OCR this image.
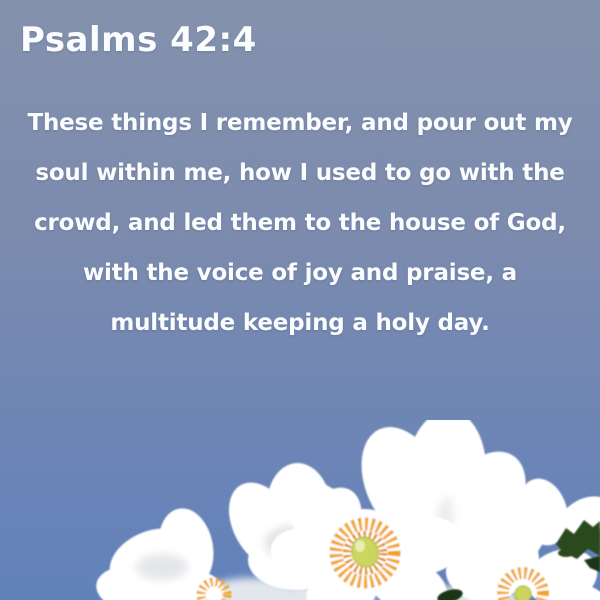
Psalms 42:4
These things I remember, and pour out my
soul within me, how I used to go with the
crowd, and led them to the house of God,
with the voice of joy and praise, a
multitude keeping a holy day.
